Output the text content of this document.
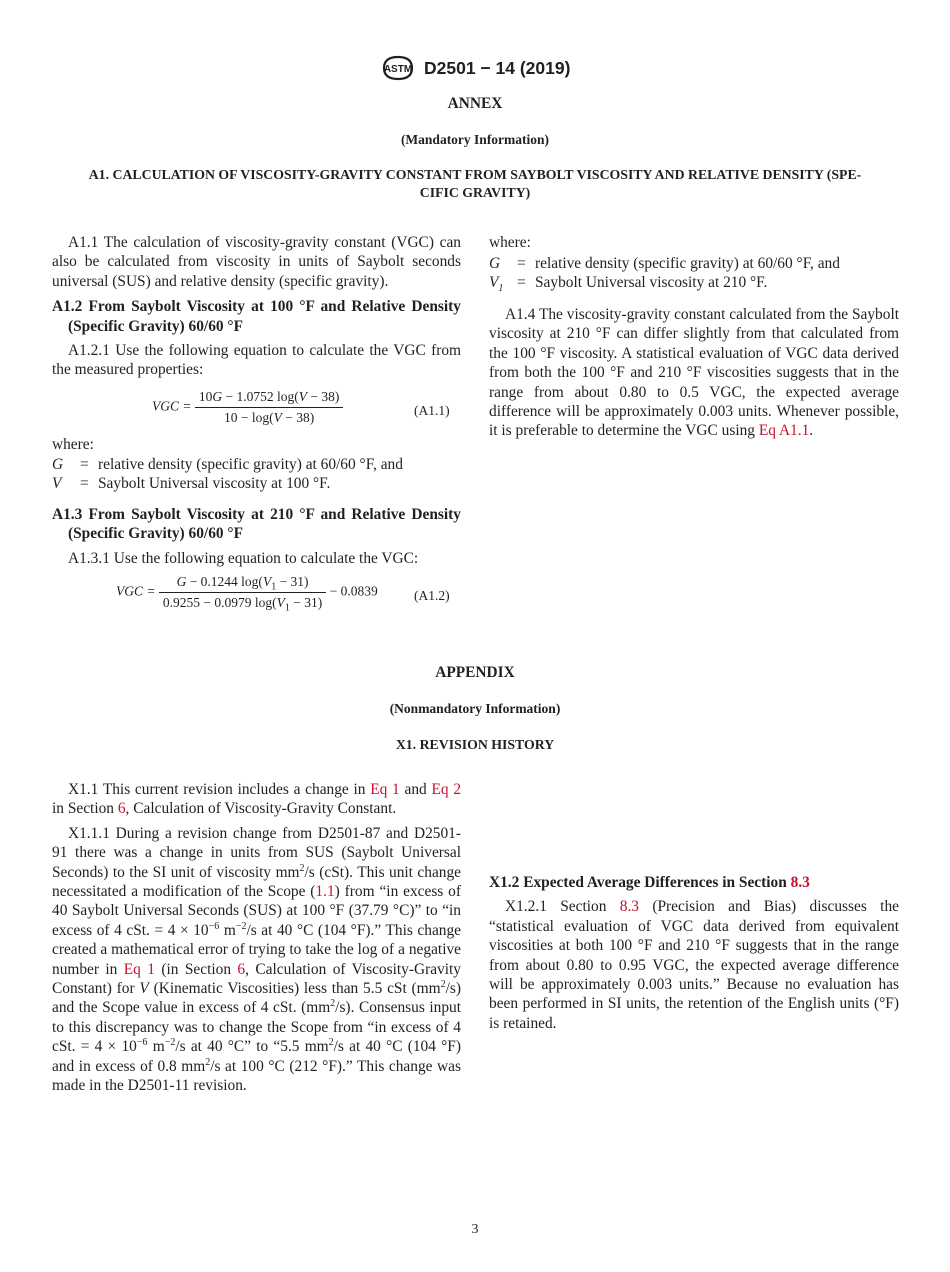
ASTM D2501 − 14 (2019)
ANNEX
(Mandatory Information)
A1. CALCULATION OF VISCOSITY-GRAVITY CONSTANT FROM SAYBOLT VISCOSITY AND RELATIVE DENSITY (SPE-
CIFIC GRAVITY)

A1.1 The calculation of viscosity-gravity constant (VGC) can also be calculated from viscosity in units of Saybolt seconds universal (SUS) and relative density (specific gravity).

A1.2 From Saybolt Viscosity at 100 °F and Relative Density (Specific Gravity) 60/60 °F

A1.2.1 Use the following equation to calculate the VGC from the measured properties:

VGC = $\frac{10G - 1.0752 \log(V - 38)}{10 - \log(V - 38)}$	(A1.1)
where:
G = relative density (specific gravity) at 60/60 °F, and
V = Saybolt Universal viscosity at 100 °F.

A1.3 From Saybolt Viscosity at 210 °F and Relative Density (Specific Gravity) 60/60 °F

A1.3.1 Use the following equation to calculate the VGC:

VGC = $\frac{G - 0.1244 \log(V_1 - 31)}{0.9255 - 0.0979 \log(V_1 - 31)} - 0.0839$	(A1.2)
where:
G = relative density (specific gravity) at 60/60 °F, and
$V_1$ = Saybolt Universal viscosity at 210 °F.

A1.4 The viscosity-gravity constant calculated from the Saybolt viscosity at 210 °F can differ slightly from that calculated from the 100 °F viscosity. A statistical evaluation of VGC data derived from both the 100 °F and 210 °F viscosities suggests that in the range from about 0.80 to 0.5 VGC, the expected average difference will be approximately 0.003 units. Whenever possible, it is preferable to determine the VGC using Eq A1.1.

APPENDIX
(Nonmandatory Information)
X1. REVISION HISTORY

X1.1 This current revision includes a change in Eq 1 and Eq 2 in Section 6, Calculation of Viscosity-Gravity Constant.

X1.1.1 During a revision change from D2501-87 and D2501-91 there was a change in units from SUS (Saybolt Universal Seconds) to the SI unit of viscosity $mm^2/s$ (cSt). This unit change necessitated a modification of the Scope (1.1) from “in excess of 40 Saybolt Universal Seconds (SUS) at 100 °F (37.79 °C)” to “in excess of 4 cSt. = $4 \times 10^{-6}$ $m^{-2}/s$ at 40 °C (104 °F).” This change created a mathematical error of trying to take the log of a negative number in Eq 1 (in Section 6, Calculation of Viscosity-Gravity Constant) for V (Kinematic Viscosities) less than 5.5 cSt $(mm^2/s)$ and the Scope value in excess of 4 cSt. $(mm^2/s)$. Consensus input to this discrepancy was to change the Scope from “in excess of 4 cSt. = $4 \times 10^{-6}$ $m^{-2}/s$ at 40 °C” to “5.5 $mm^2/s$ at 40 °C (104 °F) and in excess of 0.8 $mm^2/s$ at 100 °C (212 °F).” This change was made in the D2501-11 revision.

X1.2 Expected Average Differences in Section 8.3

X1.2.1 Section 8.3 (Precision and Bias) discusses the “statistical evaluation of VGC data derived from equivalent viscosities at both 100 °F and 210 °F suggests that in the range from about 0.80 to 0.95 VGC, the expected average difference will be approximately 0.003 units.” Because no evaluation has been performed in SI units, the retention of the English units (°F) is retained.

3
